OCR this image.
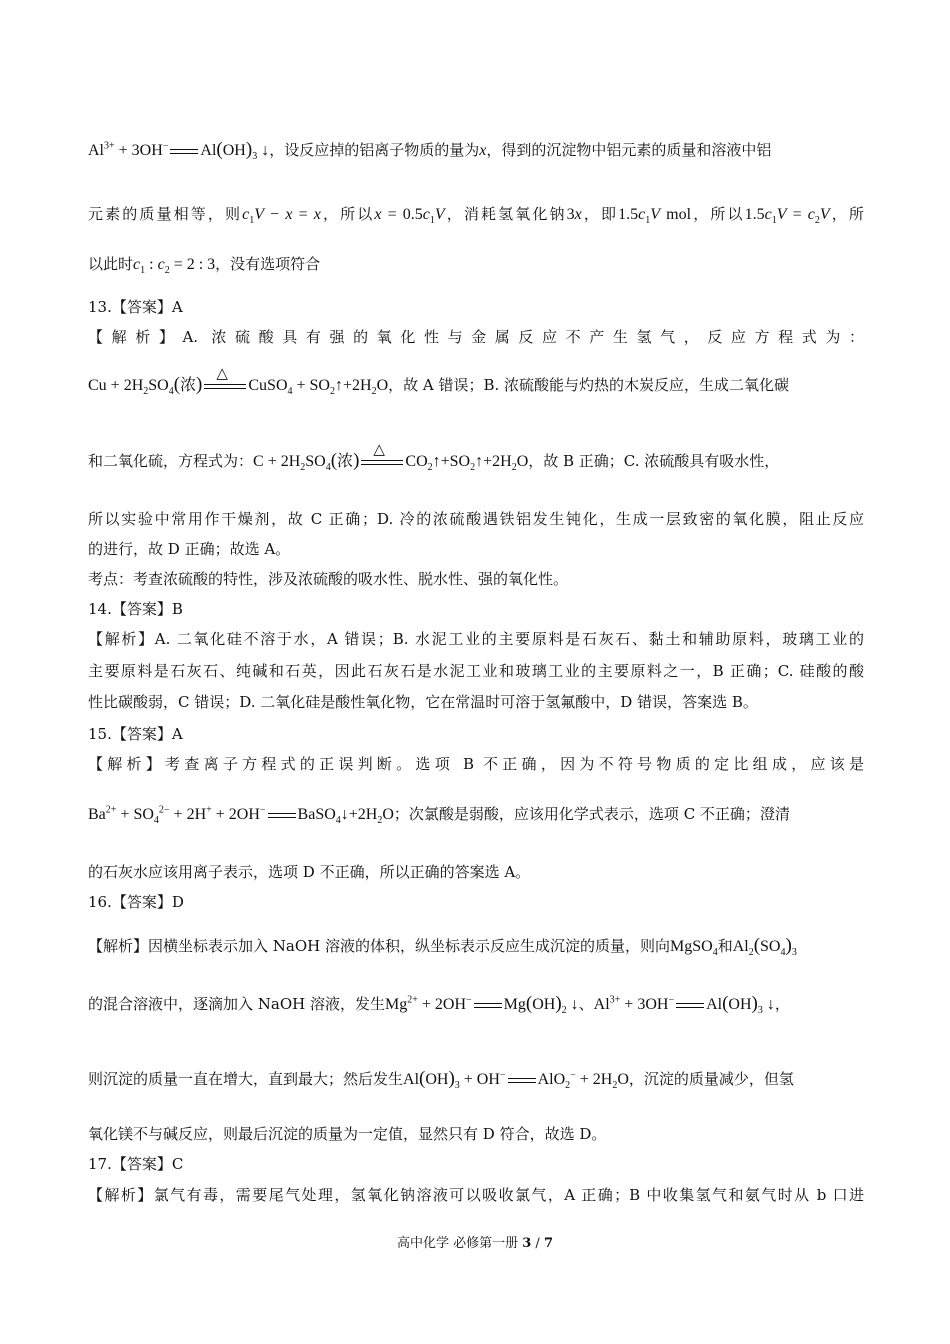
$Al^{3+} + 3OH^-$ $Al(OH)_3$ ↓，设反应掉的铝离子物质的量为x，得到的沉淀物中铝元素的质量和溶液中铝
元素的质量相等，则$c_1V - x = x$，所以$x = 0.5c_1V$，消耗氢氧化钠3x，即$1.5c_1V$ mol，所以$1.5c_1V = c_2V$，所
以此时$c_1$ : $c_2 = 2$ : 3，没有选项符合
13.【答案】A
【解析】A. 浓硫酸具有强的氧化性与金属反应不产生氢气，反应方程式为：
$Cu + 2H_2SO_4$(浓)
△
CuSO$_4$ + $SO_2↑+2H_2O$，故 A 错误；B. 浓硫酸能与灼热的木炭反应，生成二氧化碳
和二氧化硫，方程式为：$C + 2H_2SO_4$(浓)
△
$CO_2↑+SO_2↑+2H_2O$，故 B 正确；C. 浓硫酸具有吸水性，
所以实验中常用作干燥剂，故 C 正确；D. 冷的浓硫酸遇铁铝发生钝化，生成一层致密的氧化膜，阻止反应
的进行，故 D 正确；故选 A。
考点：考查浓硫酸的特性，涉及浓硫酸的吸水性、脱水性、强的氧化性。
14.【答案】B
【解析】A. 二氧化硅不溶于水，A 错误；B. 水泥工业的主要原料是石灰石、黏土和辅助原料，玻璃工业的
主要原料是石灰石、纯碱和石英，因此石灰石是水泥工业和玻璃工业的主要原料之一，B 正确；C. 硅酸的酸
性比碳酸弱，C 错误；D. 二氧化硅是酸性氧化物，它在常温时可溶于氢氟酸中，D 错误，答案选 B。
15.【答案】A
【解析】考查离子方程式的正误判断。选项 B 不正确，因为不符号物质的定比组成，应该是
$Ba^{2+} + SO_4^{2-} + 2H^+ + 2OH^-$ $BaSO_4↓+2H_2O$；次氯酸是弱酸，应该用化学式表示，选项 C 不正确；澄清
的石灰水应该用离子表示，选项 D 不正确，所以正确的答案选 A。
16.【答案】D
【解析】因横坐标表示加入 NaOH 溶液的体积，纵坐标表示反应生成沉淀的质量，则向MgSO$_4$和$Al_2(SO_4)_3$
的混合溶液中，逐滴加入 NaOH 溶液，发生$Mg^{2+} + 2OH^-$ $Mg(OH)_2$ ↓、$Al^{3+} + 3OH^-$ $Al(OH)_3$ ↓，
则沉淀的质量一直在增大，直到最大；然后发生$Al(OH)_3 + OH^-$ $AlO_2^- + 2H_2O$，沉淀的质量减少，但氢
氧化镁不与碱反应，则最后沉淀的质量为一定值，显然只有 D 符合，故选 D。
17.【答案】C
【解析】氯气有毒，需要尾气处理，氢氧化钠溶液可以吸收氯气，A 正确；B 中收集氢气和氨气时从 b 口进
高中化学 必修第一册 3 / 7
